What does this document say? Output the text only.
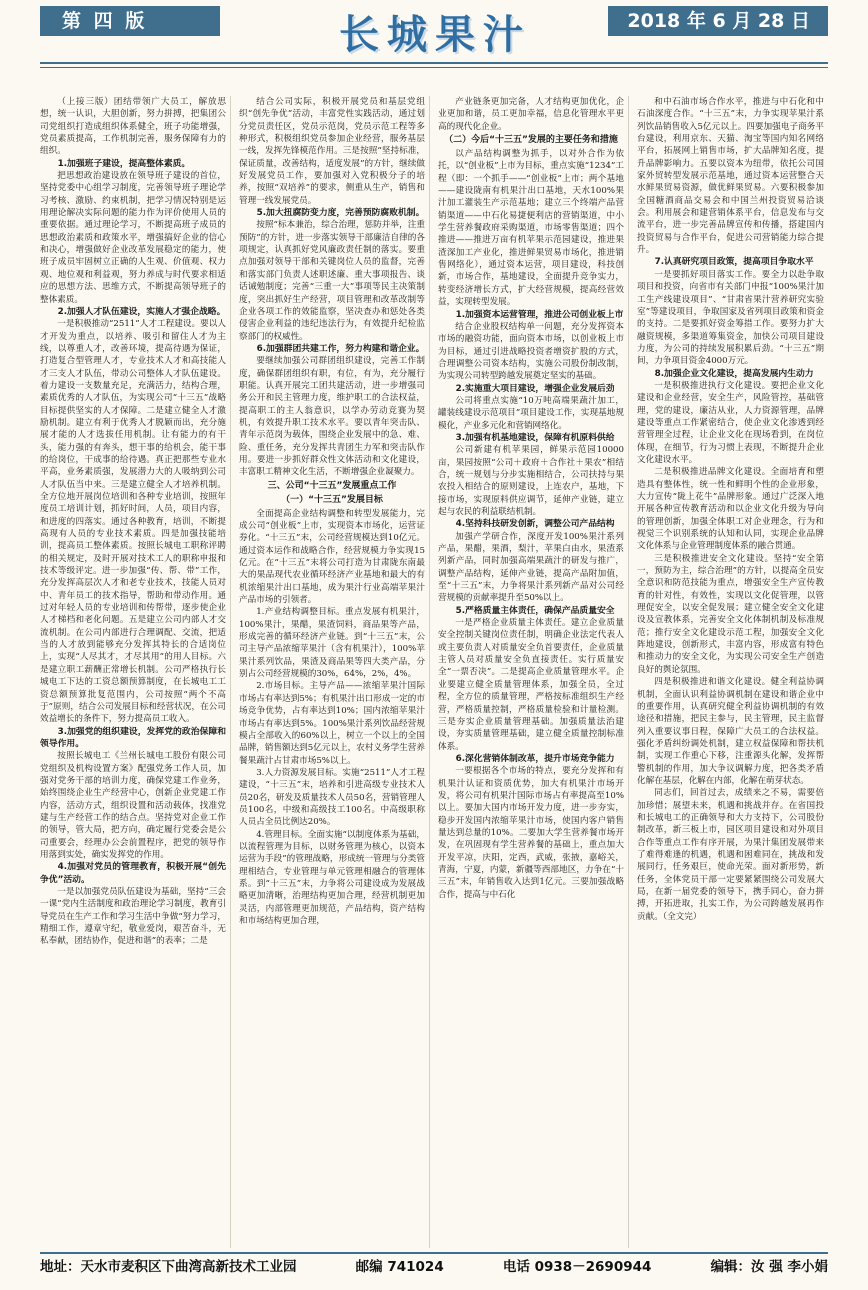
第 四 版	长城果汁	2018 年 6 月 28 日

（上接三版）团结带领广大员工，解放思想，统一认识，大胆创新，努力拼搏，把集团公司党组织打造成组织体系健全，班子功能增强，党员素质提高，工作机制完善，服务保障有力的组织。

1.加强班子建设，提高整体素质。

把思想政治建设放在领导班子建设的首位，坚持党委中心组学习制度，完善领导班子理论学习考核、激励、约束机制，把学习情况特别是运用理论解决实际问题的能力作为评价使用人员的重要依据。通过理论学习，不断提高班子成员的思想政治素质和政策水平，增强搞好企业的信心和决心，增强做好企业改革发展稳定的能力，使班子成员牢固树立正确的人生观、价值观、权力观、地位观和利益观，努力养成与时代要求相适应的思想方法、思维方式，不断提高领导班子的整体素质。

2.加强人才队伍建设，实施人才强企战略。

一是积极推动“2511”人才工程建设。要以人才开发为重点，以培养、吸引和留住人才为主线，以尊重人才，改善环境，提高待遇为保证，打造复合型管理人才，专业技术人才和高技能人才三支人才队伍，带动公司整体人才队伍建设。着力建设一支数量充足，充满活力，结构合理，素质优秀的人才队伍，为实现公司“十三五”战略目标提供坚实的人才保障。二是建立健全人才激励机制。建立有利于优秀人才脱颖而出，充分施展才能的人才选拔任用机制。让有能力的有干头，能力强的有奔头，想干事的给机会，能干事的给岗位，干成事的给待遇。真正把那些专业水平高，业务素质强，发展潜力大的人吸纳到公司人才队伍当中来。三是建立健全人才培养机制。全方位地开展岗位培训和各种专业培训，按照年度员工培训计划，抓好时间，人员，项目内容，和进度的四落实。通过各种教育，培训，不断提高现有人员的专业技术素质。四是加强技能培训，提高员工整体素质。按照长城电工职称评聘的相关规定，及时开展对技术工人的职称申报和技术等级评定。进一步加强“传、帮、带”工作，充分发挥高层次人才和老专业技术，技能人员对中、青年员工的技术指导，帮助和带动作用。通过对年轻人员的专业培训和传帮带，逐步使企业人才梯档和老化问题。五是建立公司内部人才交流机制。在公司内部进行合理调配、交流，把适当的人才放到能够充分发挥其特长的合适岗位上，实现“人尽其才，才尽其用”的用人目标。六是建立职工薪酬正常增长机制。公司严格执行长城电工下达的工资总额预算制度，在长城电工工资总额预算批复范围内，公司按照“两个不高于”原则，结合公司发展目标和经营状况，在公司效益增长的条件下，努力提高员工收入。

3.加强党的组织建设，发挥党的政治保障和领导作用。

按照长城电工《兰州长城电工股份有限公司党组织及机构设置方案》配强党务工作人员，加强对党务干部的培训力度，确保党建工作业务，始终围绕企业生产经营中心，创新企业党建工作内容，活动方式，组织设置和活动载体，找准党建与生产经营工作的结合点。坚持党对企业工作的领导，管大局，把方向，确定履行党委会是公司重要会，经理办公会前置程序，把党的领导作用落到实处，确实发挥党的作用。

4.加强对党员的管理教育，积极开展“创先争优”活动。

一是以加强党员队伍建设为基础，坚持“三会一课”党内生活制度和政治理论学习制度，教育引导党员在生产工作和学习生活中争做“努力学习，精细工作，遵章守纪，敬业爱岗，艰苦奋斗，无私奉献，团结协作，促进和谐”的表率；二是

结合公司实际，积极开展党员和基层党组织“创先争优”活动，丰富党性实践活动，通过划分党员责任区，党员示范岗，党员示范工程等多种形式，积极组织党员参加企业经营，服务基层一线，发挥先锋模范作用。三是按照“坚持标准，保证质量，改善结构，适度发展”的方针，继续做好发展党员工作，要加强对入党积极分子的培养，按照“双培养”的要求，侧重从生产，销售和管理一线发展党员。

5.加大扭腐防变力度，完善预防腐败机制。

按照“标本兼治，综合治理，惩防并举，注重预防”的方针，进一步落实领导干部廉洁自律的各项规定，认真抓好党风廉政责任制的落实。要重点加强对领导干部和关键岗位人员的监督，完善和落实部门负责人述职述廉、重大事项报告、谈话诫勉制度；完善“三重一大”事项等民主决策制度，突出抓好生产经营，项目管理和改革改制等企业各项工作的效能监察，坚决查办和惩处各类侵害企业利益的违纪违法行为，有效提升纪检监察部门的权威性。

6.加强群团共建工作，努力构建和谐企业。

要继续加强公司群团组织建设，完善工作制度，确保群团组织有职，有位，有为，充分履行职能。认真开展完工团共建活动，进一步增强司务公开和民主管理力度，维护职工的合法权益，提高职工的主人翁意识，以学办劳动竞赛为契机，有效提升职工技术水平。要以青年突击队、青年示范岗为载体，围绕企业发展中的急、难、险、重任务，充分发挥共青团生力军和突击队作用。要进一步抓好群众性文体活动和文化建设，丰富职工精神文化生活，不断增强企业凝聚力。

三、公司“十三五”发展重点工作
（一）“十三五”发展目标

全面提高企业结构调整和转型发展能力，完成公司“创业板”上市，实现资本市场化，运营证券化。“十三五”末，公司经营规模达到10亿元。通过资本运作和战略合作，经营规模力争实现15亿元。在“十三五”末将公司打造为甘肃陇东南最大的果品现代农业循环经济产业基地和最大的有机浓缩果汁出口基地，成为果汁行业高端苹果汁产品市场的引领者。

1.产业结构调整目标。重点发展有机果汁，100%果汁，果醋，果渣饲料，商品果等产品，形成完善的循环经济产业链。到“十三五”末，公司主导产品浓缩苹果汁（含有机果汁），100%苹果汁系列饮品，果渣及商品果等四大类产品，分别占公司经营规模的30%，64%，2%，4%。

2.市场目标。主导产品——浓缩苹果汁国际市场占有率达到5%；有机果汁出口形成一定的市场竞争优势，占有率达到10%；国内浓缩苹果汁市场占有率达到5%。100%果汁系列饮品经营规模占全部收入的60%以上，树立一个以上的全国品牌，销售额达到5亿元以上，农村义务学生营养餐果蔬汁占甘肃市场5%以上。

3.人力资源发展目标。实施“2511”人才工程建设，“十三五”末，培养和引进高级专业技术人员20名，研发及质量技术人员50名，营销管理人员100名，中级和高级技工100名。中高级职称人员占全员比例达20%。

4.管理目标。全面实施“以制度体系为基础，以流程管理为目标，以财务管理为核心，以资本运营为手段”的管理战略，形成统一管理与分类管理相结合，专业管理与单元管理相融合的管理体系。到“十三五”末，力争将公司建设成为发展战略更加清晰，治理结构更加合理，经营机制更加灵活，内部管理更加规范，产品结构，资产结构和市场结构更加合理，

产业链条更加完备，人才结构更加优化，企业更加和谐，员工更加幸福，信息化管理水平更高的现代化企业。

（二）今后“十三五”发展的主要任务和措施

以产品结构调整为抓手，以对外合作为依托，以“创业板”上市为目标，重点实施“1234”工程（即：一个抓手——“创业板”上市；两个基地——建设陇南有机果汁出口基地，天水100%果汁加工灌装生产示范基地；建立三个终端产品营销渠道——中石化易捷便利店的营销渠道，中小学生营养餐政府采购渠道，市场零售渠道；四个推进——推进万亩有机苹果示范园建设，推进果渣深加工产业化，推进鲜果贸易市场化，推进销售网络化），通过资本运营，项目建设，科技创新，市场合作，基地建设，全面提升竞争实力，转变经济增长方式，扩大经营规模，提高经营效益，实现转型发展。

1.加强资本运营管理，推进公司创业板上市

结合企业股权结构单一问题，充分发挥资本市场的融资功能，面向资本市场，以创业板上市为目标，通过引进战略投资者增资扩股的方式，合理调整公司资本结构，实施公司股份制改制，为实现公司转型跨越发展奠定坚实的基础。

2.实施重大项目建设，增强企业发展后劲

公司将重点实施“10万吨高端果蔬汁加工，罐装线建设示范项目”项目建设工作，实现基地规模化，产业多元化和营销网络化。

3.加强有机基地建设，保障有机原料供给

公司新建有机苹果园，鲜果示范园10000亩，果园按照“公司＋政府＋合作社＋果农”相结合，统一规划与分步实施相结合，公司扶持与果农投入相结合的原则建设，上连农户，基地，下接市场，实现原料供应调节，延伸产业链，建立起与农民的利益联结机制。

4.坚持科技研发创新，调整公司产品结构

加强产学研合作，深度开发100%果汁系列产品，果醋，果酒，梨汁，苹果白由水，果渣系列新产品，同时加强高端果蔬汁的研发与推广，调整产品结构，延伸产业链，提高产品附加值，至“十三五”末，力争将果汁系列新产品对公司经营规模的贡献率提升至50%以上。

5.严格质量主体责任，确保产品质量安全

一是严格企业质量主体责任。建立企业质量安全控制关键岗位责任制，明确企业法定代表人或主要负责人对质量安全负首要责任，企业质量主管人员对质量安全负直接责任。实行质量安全“一票否决”。二是提高企业质量管理水平。企业要建立健全质量管理体系，加强全员，全过程，全方位的质量管理，严格按标准组织生产经营，严格质量控制，严格质量检验和计量检测。三是夯实企业质量管理基础。加强质量法治建设，夯实质量管理基础，建立健全质量控制标准体系。

6.深化营销体制改革，提升市场竞争能力

一要根据各个市场的特点，要充分发挥和有机果汁认证和资质优势，加大有机果汁市场开发，将公司有机果汁国际市场占有率提高至10%以上。要加大国内市场开发力度，进一步夯实，稳步开发国内浓缩苹果汁市场，使国内客户销售量达到总量的10%。二要加大学生营养餐市场开发，在巩固现有学生营养餐的基础上，重点加大开发平凉，庆阳，定西，武威，张掖，嘉峪关，青海，宁夏，内蒙，新疆等西部地区，力争在“十三五”末，年销售收入达到1亿元。三要加强战略合作，提高与中石化

和中石油市场合作水平，推进与中石化和中石油深度合作。“十三五”末，力争实现苹果汁系列饮品销售收入5亿元以上。四要加强电子商务平台建设，利用京东、天猫、淘宝等国内知名网络平台，拓展网上销售市场，扩大品牌知名度，提升品牌影响力。五要以资本为纽带，依托公司国家外贸转型发展示范基地，通过资本运营整合天水鲜果贸易资源，做优鲜果贸易。六要积极参加全国糖酒商品交易会和中国兰州投资贸易洽谈会。利用展会和建营销体系平台，信息发布与交流平台，进一步完善品牌宣传和传播，搭建国内投资贸易与合作平台，促进公司营销能力综合提升。

7.认真研究项目政策，提高项目争取水平

一是要抓好项目落实工作。要全力以赴争取项目和投资，向省市有关部门申报“100%果汁加工生产线建设项目”、“甘肃省果汁营养研究实验室”等建设项目，争取国家及省列项目政策和资金的支持。二是要抓好资金筹措工作。要努力扩大融资规模，多渠道筹集资金，加快公司项目建设力度，为公司的持续发展积累后劲。“十三五”期间，力争项目资金4000万元。

8.加强企业文化建设，提高发展内生动力

一是积极推进执行文化建设。要把企业文化建设和企业经营，安全生产，风险管控，基础管理，党的建设，廉洁从业，人力资源管理，品牌建设等重点工作紧密结合，使企业文化渗透到经营管理全过程，让企业文化在现场看到，在岗位体现，在细节，行为习惯上表现，不断提升企业文化建设水平。

二是积极推进品牌文化建设。全面培育和塑造具有整体性，统一性和鲜明个性的企业形象，大力宣传“陇上花牛”品牌形象。通过广泛深入地开展各种宣传教育活动和以企业文化升级为导向的管理创新，加强全体职工对企业理念，行为和视觉三个识别系统的认知和认同，实现企业品牌文化体系与企业管理制度体系的融合贯通。

三是积极推进安全文化建设。坚持“安全第一，预防为主，综合治理”的方针，以提高全员安全意识和防范技能为重点，增强安全生产宣传教育的针对性，有效性，实现以文化促管理，以管理促安全，以安全促发展；建立健全安全文化建设及宣教体系，完善安全文化体制机制及标准规范；推行安全文化建设示范工程，加强安全文化阵地建设，创新形式，丰富内容，形成富有特色和推动力的安全文化，为实现公司安全生产创造良好的舆论氛围。

四是积极推进和谐文化建设。健全利益协调机制，全面认识利益协调机制在建设和谐企业中的重要作用，认真研究健全利益协调机制的有效途径和措施，把民主参与，民主管理，民主监督列入重要议事日程，保障广大员工的合法权益。强化矛盾纠纷调处机制，建立权益保障和帮扶机制，实现工作重心下移，注重源头化解，发挥帮警机制的作用，加大争议调解力度，把各类矛盾化解在基层，化解在内部，化解在萌芽状态。

同志们，回首过去，成绩来之不易，需要倍加珍惜；展望未来，机遇和挑战并存。在省国投和长城电工的正确领导和大力支持下，公司股份制改革，新三板上市，园区项目建设和对外项目合作等重点工作有序开展，为果汁集团发展带来了难得难逢的机遇，机遇和困难同在，挑战和发展同行，任务艰巨，使命光荣。面对新形势，新任务，全体党员干部一定要紧紧围绕公司发展大局，在新一届党委的领导下，携手同心，奋力拼搏，开拓进取，扎实工作，为公司跨越发展再作贡献。（全文完）

地址：天水市麦积区下曲湾高新技术工业园	邮编 741024	电话 0938－2690944	编辑：汝 强 李小娟
